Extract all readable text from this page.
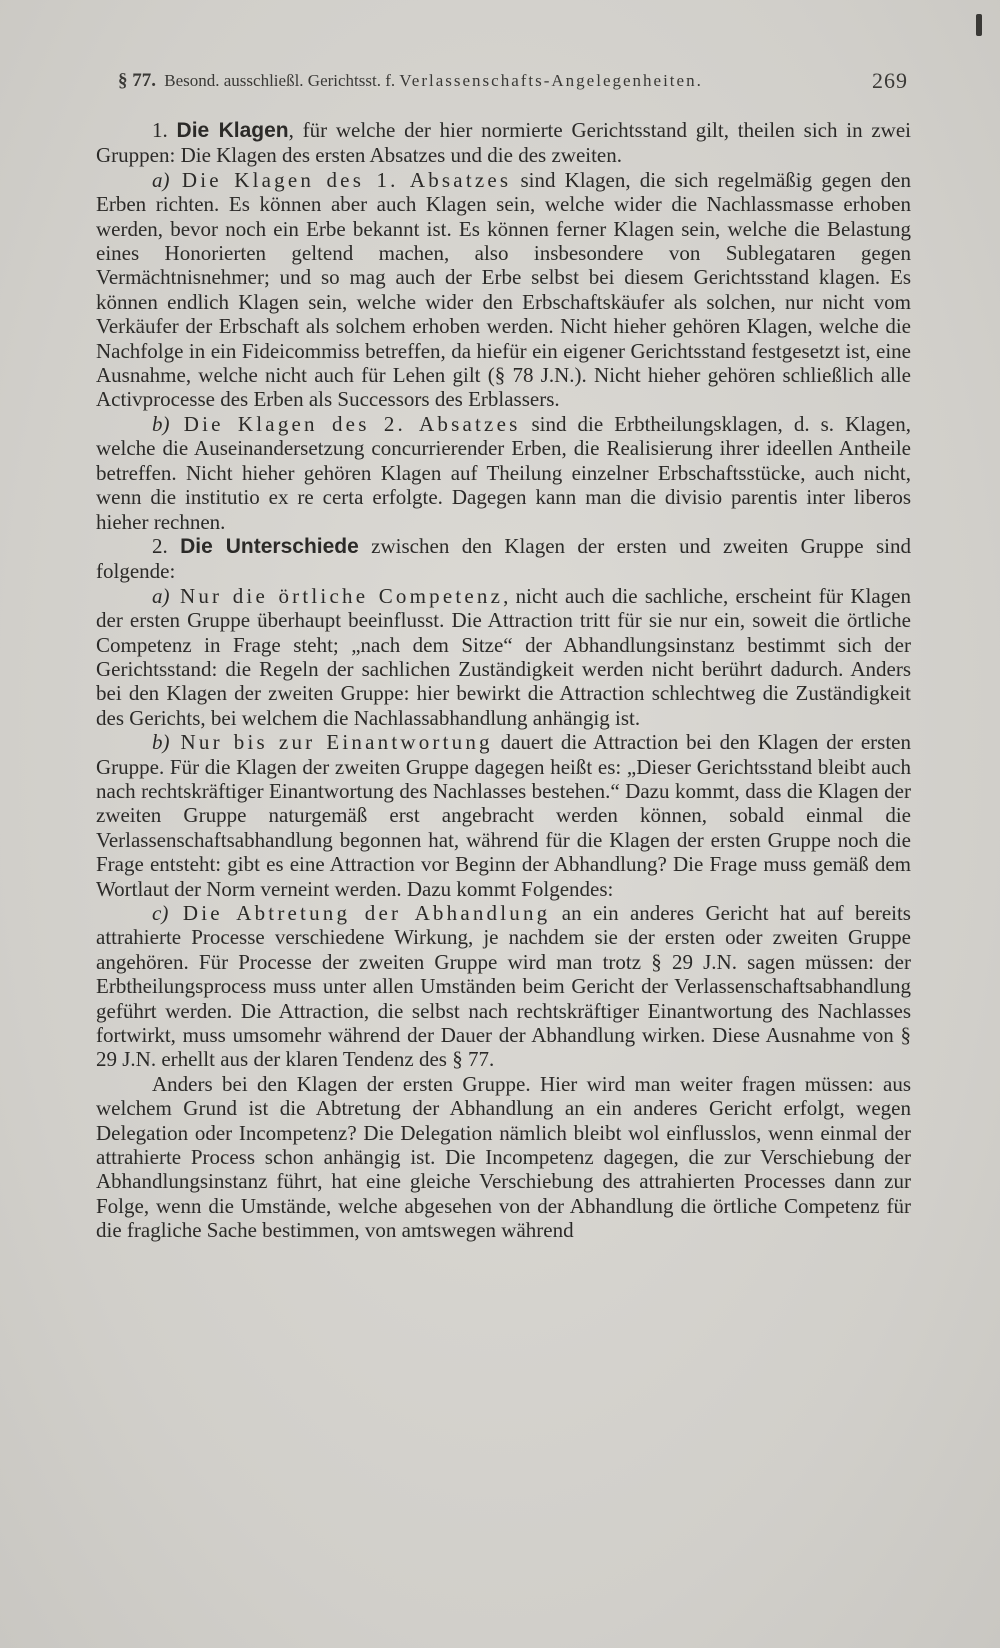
§ 77. Besond. ausschließl. Gerichtsst. f. Verlassenschafts-Angelegenheiten.	269

1. Die Klagen, für welche der hier normierte Gerichtsstand gilt, theilen sich in zwei Gruppen: Die Klagen des ersten Absatzes und die des zweiten.

a) Die Klagen des 1. Absatzes sind Klagen, die sich regelmäßig gegen den Erben richten. Es können aber auch Klagen sein, welche wider die Nachlassmasse erhoben werden, bevor noch ein Erbe bekannt ist. Es können ferner Klagen sein, welche die Belastung eines Honorierten geltend machen, also insbesondere von Sublegataren gegen Vermächtnisnehmer; und so mag auch der Erbe selbst bei diesem Gerichtsstand klagen. Es können endlich Klagen sein, welche wider den Erbschaftskäufer als solchen, nur nicht vom Verkäufer der Erbschaft als solchem erhoben werden. Nicht hieher gehören Klagen, welche die Nachfolge in ein Fideicommiss betreffen, da hiefür ein eigener Gerichtsstand festgesetzt ist, eine Ausnahme, welche nicht auch für Lehen gilt (§ 78 J.N.). Nicht hieher gehören schließlich alle Activprocesse des Erben als Successors des Erblassers.

b) Die Klagen des 2. Absatzes sind die Erbtheilungsklagen, d. s. Klagen, welche die Auseinandersetzung concurrierender Erben, die Realisierung ihrer ideellen Antheile betreffen. Nicht hieher gehören Klagen auf Theilung einzelner Erbschaftsstücke, auch nicht, wenn die institutio ex re certa erfolgte. Dagegen kann man die divisio parentis inter liberos hieher rechnen.

2. Die Unterschiede zwischen den Klagen der ersten und zweiten Gruppe sind folgende:

a) Nur die örtliche Competenz, nicht auch die sachliche, erscheint für Klagen der ersten Gruppe überhaupt beeinflusst. Die Attraction tritt für sie nur ein, soweit die örtliche Competenz in Frage steht; „nach dem Sitze“ der Abhandlungsinstanz bestimmt sich der Gerichtsstand: die Regeln der sachlichen Zuständigkeit werden nicht berührt dadurch. Anders bei den Klagen der zweiten Gruppe: hier bewirkt die Attraction schlechtweg die Zuständigkeit des Gerichts, bei welchem die Nachlassabhandlung anhängig ist.

b) Nur bis zur Einantwortung dauert die Attraction bei den Klagen der ersten Gruppe. Für die Klagen der zweiten Gruppe dagegen heißt es: „Dieser Gerichtsstand bleibt auch nach rechtskräftiger Einantwortung des Nachlasses bestehen.“ Dazu kommt, dass die Klagen der zweiten Gruppe naturgemäß erst angebracht werden können, sobald einmal die Verlassenschaftsabhandlung begonnen hat, während für die Klagen der ersten Gruppe noch die Frage entsteht: gibt es eine Attraction vor Beginn der Abhandlung? Die Frage muss gemäß dem Wortlaut der Norm verneint werden. Dazu kommt Folgendes:

c) Die Abtretung der Abhandlung an ein anderes Gericht hat auf bereits attrahierte Processe verschiedene Wirkung, je nachdem sie der ersten oder zweiten Gruppe angehören. Für Processe der zweiten Gruppe wird man trotz § 29 J.N. sagen müssen: der Erbtheilungsprocess muss unter allen Umständen beim Gericht der Verlassenschaftsabhandlung geführt werden. Die Attraction, die selbst nach rechtskräftiger Einantwortung des Nachlasses fortwirkt, muss umsomehr während der Dauer der Abhandlung wirken. Diese Ausnahme von § 29 J.N. erhellt aus der klaren Tendenz des § 77.

Anders bei den Klagen der ersten Gruppe. Hier wird man weiter fragen müssen: aus welchem Grund ist die Abtretung der Abhandlung an ein anderes Gericht erfolgt, wegen Delegation oder Incompetenz? Die Delegation nämlich bleibt wol einflusslos, wenn einmal der attrahierte Process schon anhängig ist. Die Incompetenz dagegen, die zur Verschiebung der Abhandlungsinstanz führt, hat eine gleiche Verschiebung des attrahierten Processes dann zur Folge, wenn die Umstände, welche abgesehen von der Abhandlung die örtliche Competenz für die fragliche Sache bestimmen, von amtswegen während
